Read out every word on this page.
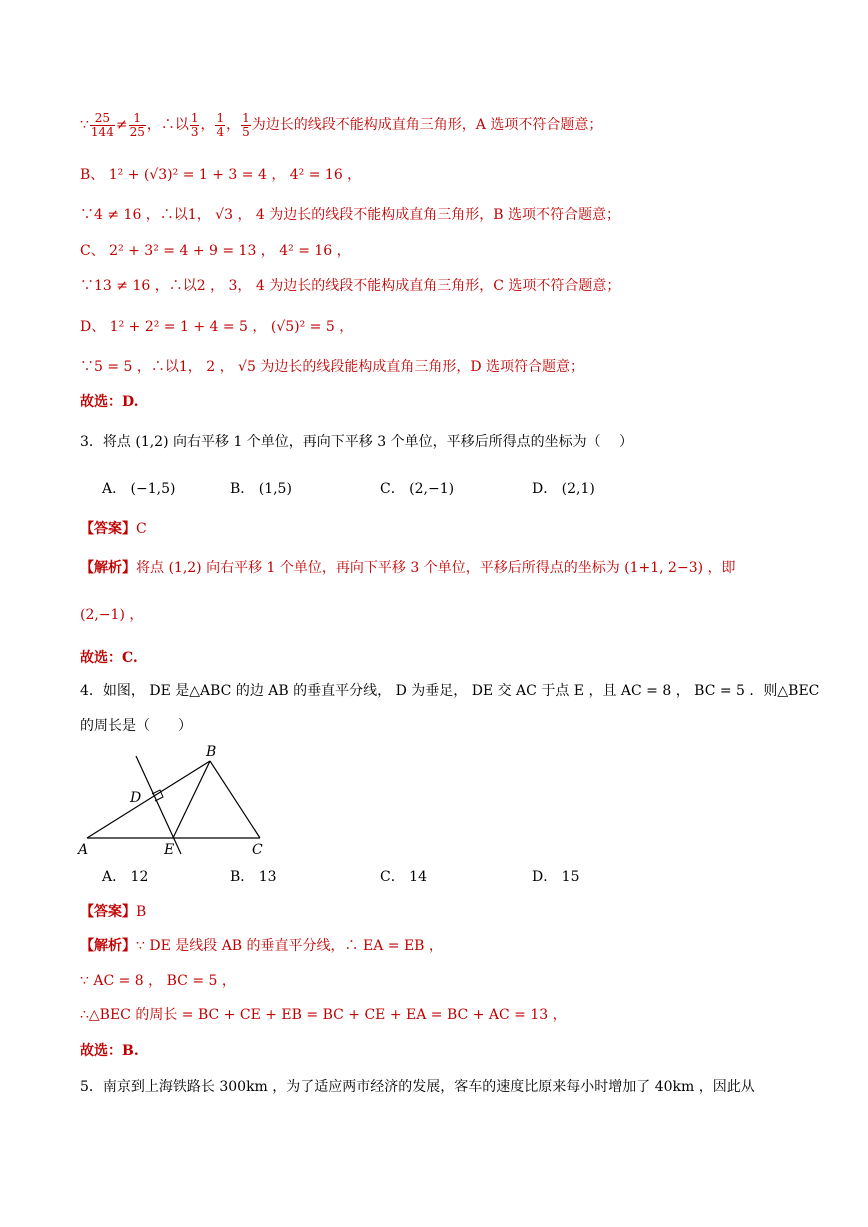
∵ $\frac{25}{144} \ne \frac{1}{25}$ ，∴以 $\frac{1}{3}$ ， $\frac{1}{4}$ ， $\frac{1}{5}$ 为边长的线段不能构成直角三角形，A 选项不符合题意；
B、 1² + (√3)² = 1 + 3 = 4 ， 4² = 16 ，
∵4 ≠ 16 ，∴以1， √3 ， 4 为边长的线段不能构成直角三角形，B 选项不符合题意；
C、 2² + 3² = 4 + 9 = 13 ， 4² = 16 ，
∵13 ≠ 16 ，∴以2 ， 3， 4 为边长的线段不能构成直角三角形，C 选项不符合题意；
D、 1² + 2² = 1 + 4 = 5 ， (√5)² = 5 ，
∵5 = 5 ，∴以1， 2 ， √5 为边长的线段能构成直角三角形，D 选项符合题意；
故选：D.
3．将点 (1,2) 向右平移 1 个单位，再向下平移 3 个单位，平移后所得点的坐标为（　 ）
A． (−1,5)	B． (1,5)	C． (2,−1)	D． (2,1)
【答案】C
【解析】将点 (1,2) 向右平移 1 个单位，再向下平移 3 个单位，平移后所得点的坐标为 (1+1, 2−3) ，即
(2,−1) ，
故选：C.
4．如图， DE 是△ABC 的边 AB 的垂直平分线， D 为垂足， DE 交 AC 于点 E ，且 AC = 8 ， BC = 5 ．则△BEC
的周长是（　　）
A
B
C
D
E
A． 12	B． 13	C． 14	D． 15
【答案】B
【解析】∵ DE 是线段 AB 的垂直平分线，∴ EA = EB ，
∵ AC = 8 ， BC = 5 ，
∴△BEC 的周长 = BC + CE + EB = BC + CE + EA = BC + AC = 13 ，
故选：B.
5．南京到上海铁路长 300km ，为了适应两市经济的发展，客车的速度比原来每小时增加了 40km ，因此从
